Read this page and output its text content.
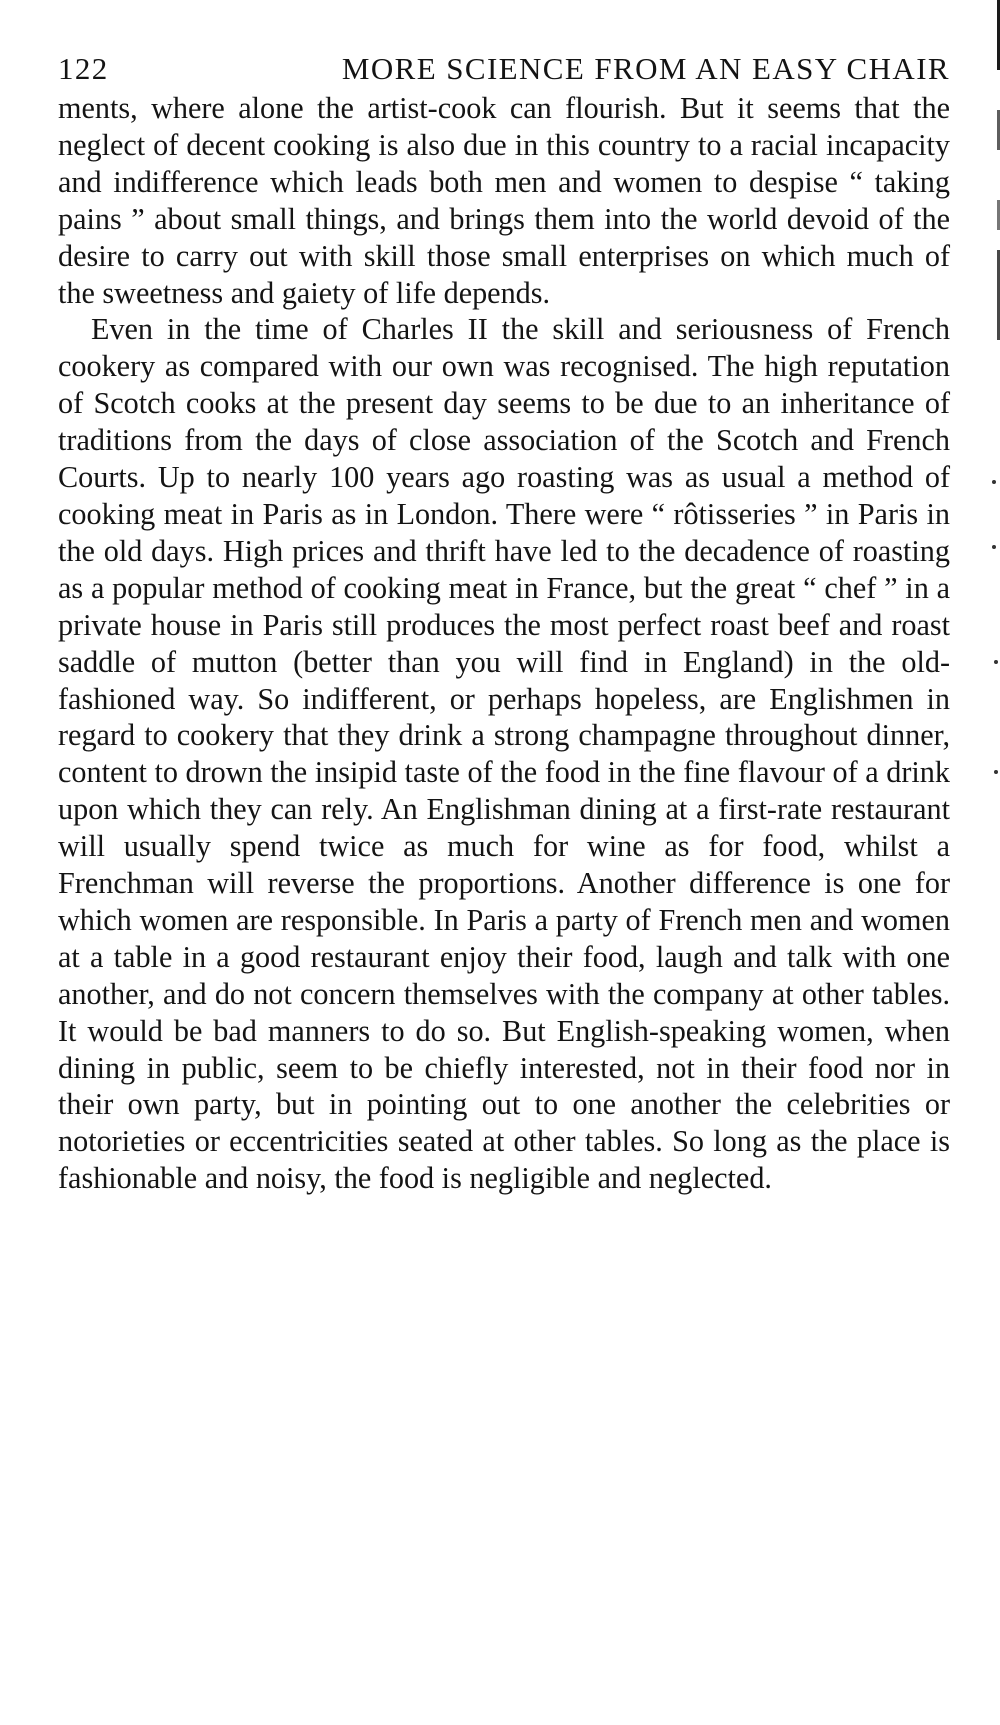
122	MORE SCIENCE FROM AN EASY CHAIR

ments, where alone the artist-cook can flourish. But it seems that the neglect of decent cooking is also due in this country to a racial incapacity and indifference which leads both men and women to despise “ taking pains ” about small things, and brings them into the world devoid of the desire to carry out with skill those small enterprises on which much of the sweetness and gaiety of life depends.

Even in the time of Charles II the skill and seriousness of French cookery as compared with our own was recognised. The high reputation of Scotch cooks at the present day seems to be due to an inheritance of traditions from the days of close association of the Scotch and French Courts. Up to nearly 100 years ago roasting was as usual a method of cooking meat in Paris as in London. There were “ rôtisseries ” in Paris in the old days. High prices and thrift have led to the decadence of roasting as a popular method of cooking meat in France, but the great “ chef ” in a private house in Paris still produces the most perfect roast beef and roast saddle of mutton (better than you will find in England) in the old-fashioned way. So indifferent, or perhaps hopeless, are Englishmen in regard to cookery that they drink a strong champagne throughout dinner, content to drown the insipid taste of the food in the fine flavour of a drink upon which they can rely. An Englishman dining at a first-rate restaurant will usually spend twice as much for wine as for food, whilst a Frenchman will reverse the proportions. Another difference is one for which women are responsible. In Paris a party of French men and women at a table in a good restaurant enjoy their food, laugh and talk with one another, and do not concern themselves with the company at other tables. It would be bad manners to do so. But English-speaking women, when dining in public, seem to be chiefly interested, not in their food nor in their own party, but in pointing out to one another the celebrities or notorieties or eccentricities seated at other tables. So long as the place is fashionable and noisy, the food is negligible and neglected.
